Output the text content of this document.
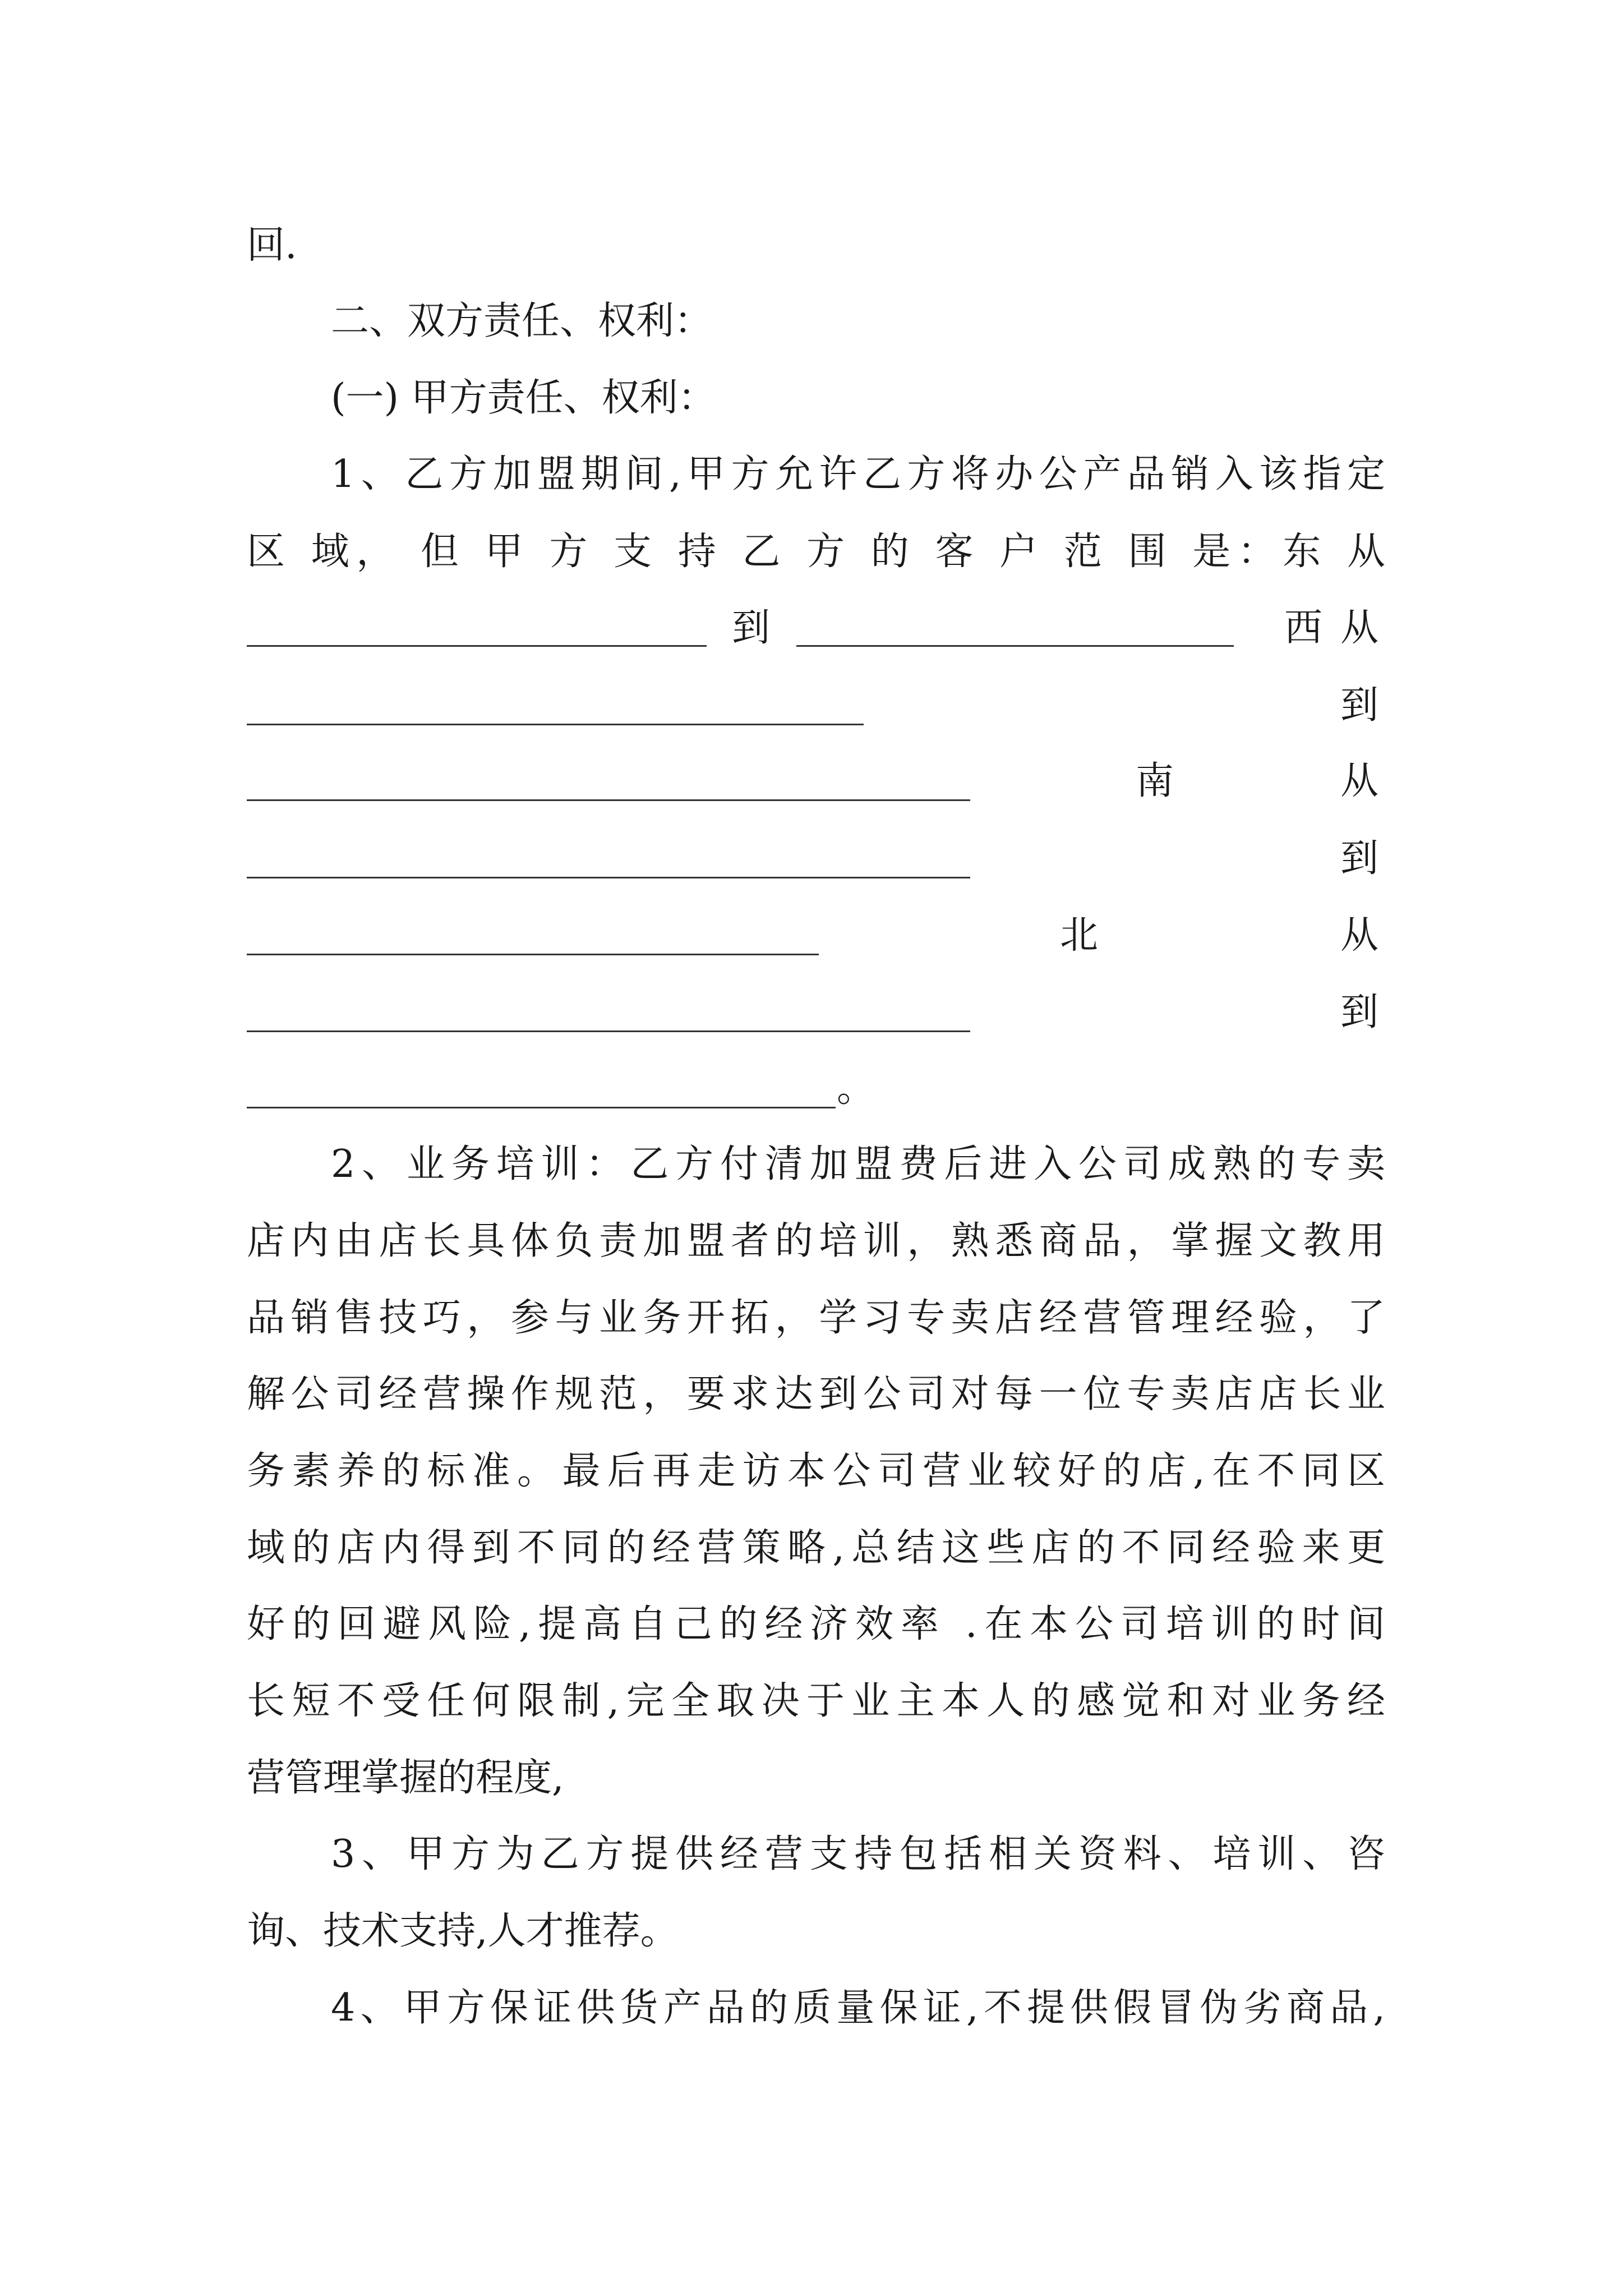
回.
二、双方责任、权利：
(一) 甲方责任、权利：
1、乙方加盟期间,甲方允许乙方将办公产品销入该指定
区 域， 但 甲 方 支 持 乙 方 的 客 户 范 围 是：东 从
到	西 从
到
南	从
到
北	从
到
。
2、业务培训：乙方付清加盟费后进入公司成熟的专卖
店内由店长具体负责加盟者的培训，熟悉商品，掌握文教用
品销售技巧，参与业务开拓，学习专卖店经营管理经验，了
解公司经营操作规范，要求达到公司对每一位专卖店店长业
务素养的标准。最后再走访本公司营业较好的店,在不同区
域的店内得到不同的经营策略,总结这些店的不同经验来更
好的回避风险,提高自己的经济效率 .在本公司培训的时间
长短不受任何限制,完全取决于业主本人的感觉和对业务经
营管理掌握的程度,
3、甲方为乙方提供经营支持包括相关资料、培训、咨
询、技术支持,人才推荐。
4、甲方保证供货产品的质量保证,不提供假冒伪劣商品,
